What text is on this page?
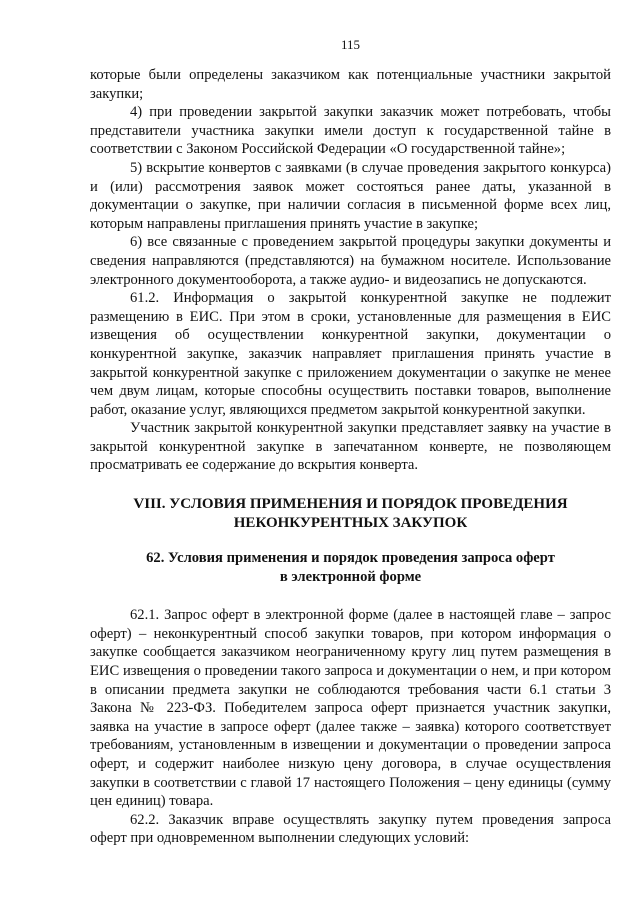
115

которые были определены заказчиком как потенциальные участники закрытой закупки;

4) при проведении закрытой закупки заказчик может потребовать, чтобы представители участника закупки имели доступ к государственной тайне в соответствии с Законом Российской Федерации «О государственной тайне»;

5) вскрытие конвертов с заявками (в случае проведения закрытого конкурса) и (или) рассмотрения заявок может состояться ранее даты, указанной в документации о закупке, при наличии согласия в письменной форме всех лиц, которым направлены приглашения принять участие в закупке;

6) все связанные с проведением закрытой процедуры закупки документы и сведения направляются (представляются) на бумажном носителе. Использование электронного документооборота, а также аудио- и видеозапись не допускаются.

61.2. Информация о закрытой конкурентной закупке не подлежит размещению в ЕИС. При этом в сроки, установленные для размещения в ЕИС извещения об осуществлении конкурентной закупки, документации о конкурентной закупке, заказчик направляет приглашения принять участие в закрытой конкурентной закупке с приложением документации о закупке не менее чем двум лицам, которые способны осуществить поставки товаров, выполнение работ, оказание услуг, являющихся предметом закрытой конкурентной закупки.

Участник закрытой конкурентной закупки представляет заявку на участие в закрытой конкурентной закупке в запечатанном конверте, не позволяющем просматривать ее содержание до вскрытия конверта.

VIII. УСЛОВИЯ ПРИМЕНЕНИЯ И ПОРЯДОК ПРОВЕДЕНИЯ
НЕКОНКУРЕНТНЫХ ЗАКУПОК
62. Условия применения и порядок проведения запроса оферт
в электронной форме

62.1. Запрос оферт в электронной форме (далее в настоящей главе – запрос оферт) – неконкурентный способ закупки товаров, при котором информация о закупке сообщается заказчиком неограниченному кругу лиц путем размещения в ЕИС извещения о проведении такого запроса и документации о нем, и при котором в описании предмета закупки не соблюдаются требования части 6.1 статьи 3 Закона № 223-ФЗ. Победителем запроса оферт признается участник закупки, заявка на участие в запросе оферт (далее также – заявка) которого соответствует требованиям, установленным в извещении и документации о проведении запроса оферт, и содержит наиболее низкую цену договора, в случае осуществления закупки в соответствии с главой 17 настоящего Положения – цену единицы (сумму цен единиц) товара.

62.2. Заказчик вправе осуществлять закупку путем проведения запроса оферт при одновременном выполнении следующих условий:
